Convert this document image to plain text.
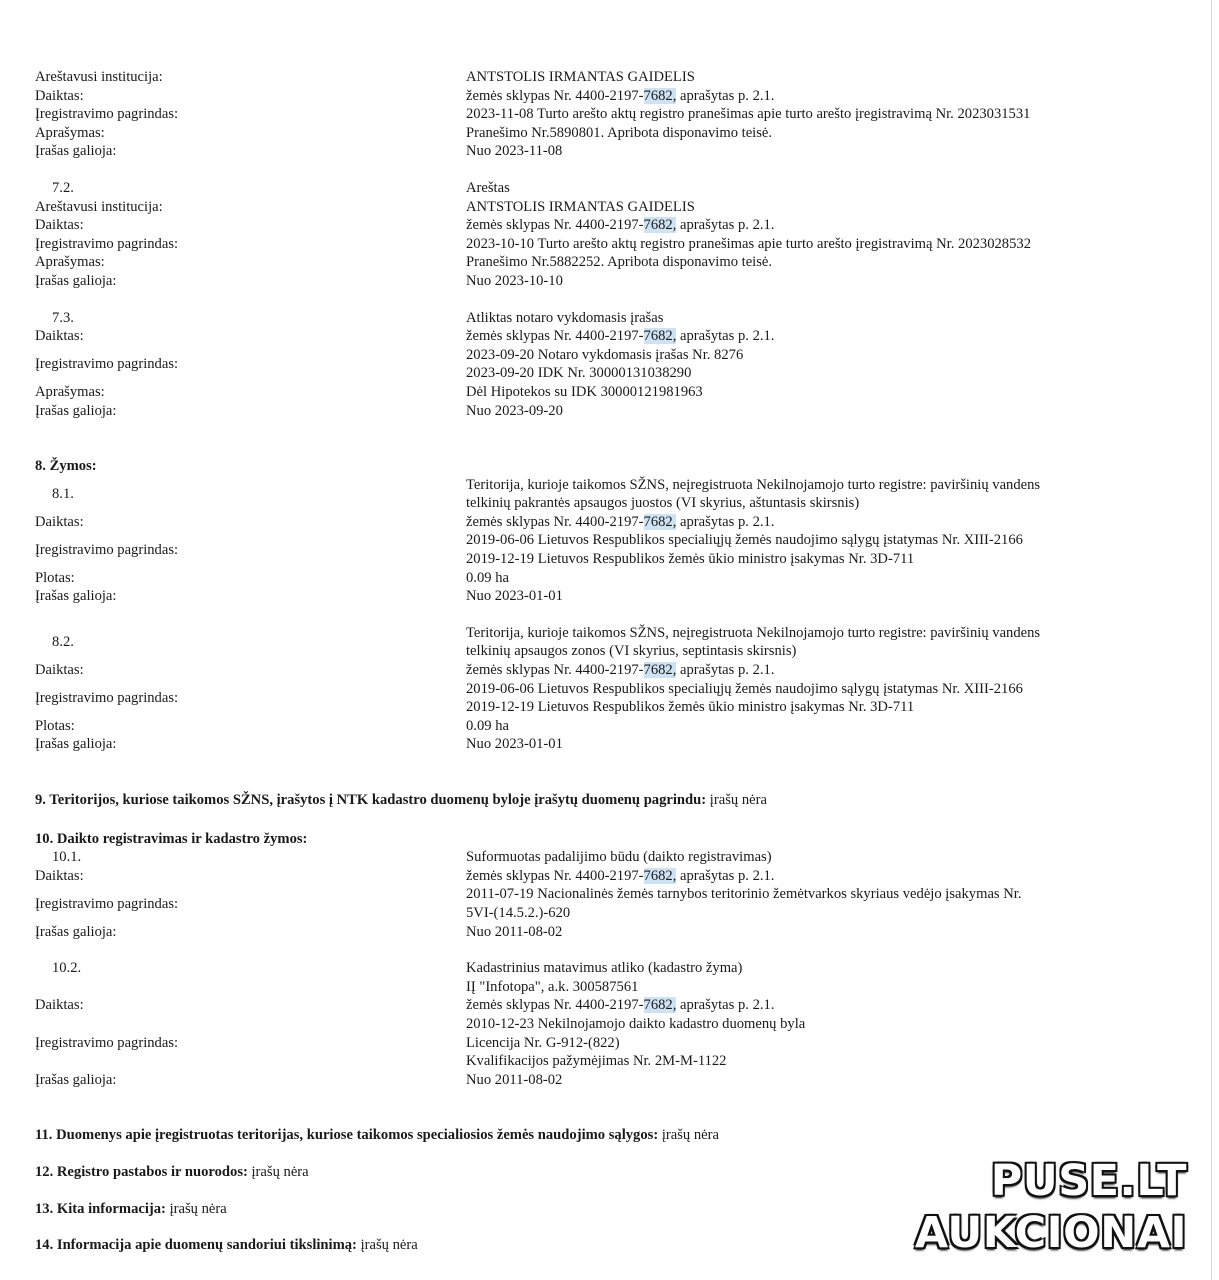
Areštavusi institucija:	ANTSTOLIS IRMANTAS GAIDELIS
Daiktas:	žemės sklypas Nr. 4400-2197-7682, aprašytas p. 2.1.
Įregistravimo pagrindas:	2023-11-08 Turto arešto aktų registro pranešimas apie turto arešto įregistravimą Nr. 2023031531
Aprašymas:	Pranešimo Nr.5890801. Apribota disponavimo teisė.
Įrašas galioja:	Nuo 2023-11-08
7.2.	Areštas
Areštavusi institucija:	ANTSTOLIS IRMANTAS GAIDELIS
Daiktas:	žemės sklypas Nr. 4400-2197-7682, aprašytas p. 2.1.
Įregistravimo pagrindas:	2023-10-10 Turto arešto aktų registro pranešimas apie turto arešto įregistravimą Nr. 2023028532
Aprašymas:	Pranešimo Nr.5882252. Apribota disponavimo teisė.
Įrašas galioja:	Nuo 2023-10-10
7.3.	Atliktas notaro vykdomasis įrašas
Daiktas:	žemės sklypas Nr. 4400-2197-7682, aprašytas p. 2.1.
Įregistravimo pagrindas:
2023-09-20 Notaro vykdomasis įrašas Nr. 8276
2023-09-20 IDK Nr. 30000131038290
Aprašymas:	Dėl Hipotekos su IDK 30000121981963
Įrašas galioja:	Nuo 2023-09-20
8. Žymos:
8.1.
Teritorija, kurioje taikomos SŽNS, neįregistruota Nekilnojamojo turto registre: paviršinių vandens
telkinių pakrantės apsaugos juostos (VI skyrius, aštuntasis skirsnis)
Daiktas:	žemės sklypas Nr. 4400-2197-7682, aprašytas p. 2.1.
Įregistravimo pagrindas:
2019-06-06 Lietuvos Respublikos specialiųjų žemės naudojimo sąlygų įstatymas Nr. XIII-2166
2019-12-19 Lietuvos Respublikos žemės ūkio ministro įsakymas Nr. 3D-711
Plotas:	0.09 ha
Įrašas galioja:	Nuo 2023-01-01
8.2.
Teritorija, kurioje taikomos SŽNS, neįregistruota Nekilnojamojo turto registre: paviršinių vandens
telkinių apsaugos zonos (VI skyrius, septintasis skirsnis)
Daiktas:	žemės sklypas Nr. 4400-2197-7682, aprašytas p. 2.1.
Įregistravimo pagrindas:
2019-06-06 Lietuvos Respublikos specialiųjų žemės naudojimo sąlygų įstatymas Nr. XIII-2166
2019-12-19 Lietuvos Respublikos žemės ūkio ministro įsakymas Nr. 3D-711
Plotas:	0.09 ha
Įrašas galioja:	Nuo 2023-01-01
9. Teritorijos, kuriose taikomos SŽNS, įrašytos į NTK kadastro duomenų byloje įrašytų duomenų pagrindu: įrašų nėra
10. Daikto registravimas ir kadastro žymos:
10.1.	Suformuotas padalijimo būdu (daikto registravimas)
Daiktas:	žemės sklypas Nr. 4400-2197-7682, aprašytas p. 2.1.
Įregistravimo pagrindas:
2011-07-19 Nacionalinės žemės tarnybos teritorinio žemėtvarkos skyriaus vedėjo įsakymas Nr.
5VI-(14.5.2.)-620
Įrašas galioja:	Nuo 2011-08-02
10.2.	Kadastrinius matavimus atliko (kadastro žyma)
IĮ "Infotopa", a.k. 300587561
Daiktas:	žemės sklypas Nr. 4400-2197-7682, aprašytas p. 2.1.
Įregistravimo pagrindas:
2010-12-23 Nekilnojamojo daikto kadastro duomenų byla
Licencija Nr. G-912-(822)
Kvalifikacijos pažymėjimas Nr. 2M-M-1122
Įrašas galioja:	Nuo 2011-08-02
11. Duomenys apie įregistruotas teritorijas, kuriose taikomos specialiosios žemės naudojimo sąlygos: įrašų nėra
12. Registro pastabos ir nuorodos: įrašų nėra
13. Kita informacija: įrašų nėra
14. Informacija apie duomenų sandoriui tikslinimą: įrašų nėra
PUSE.LT
AUKCIONAI
